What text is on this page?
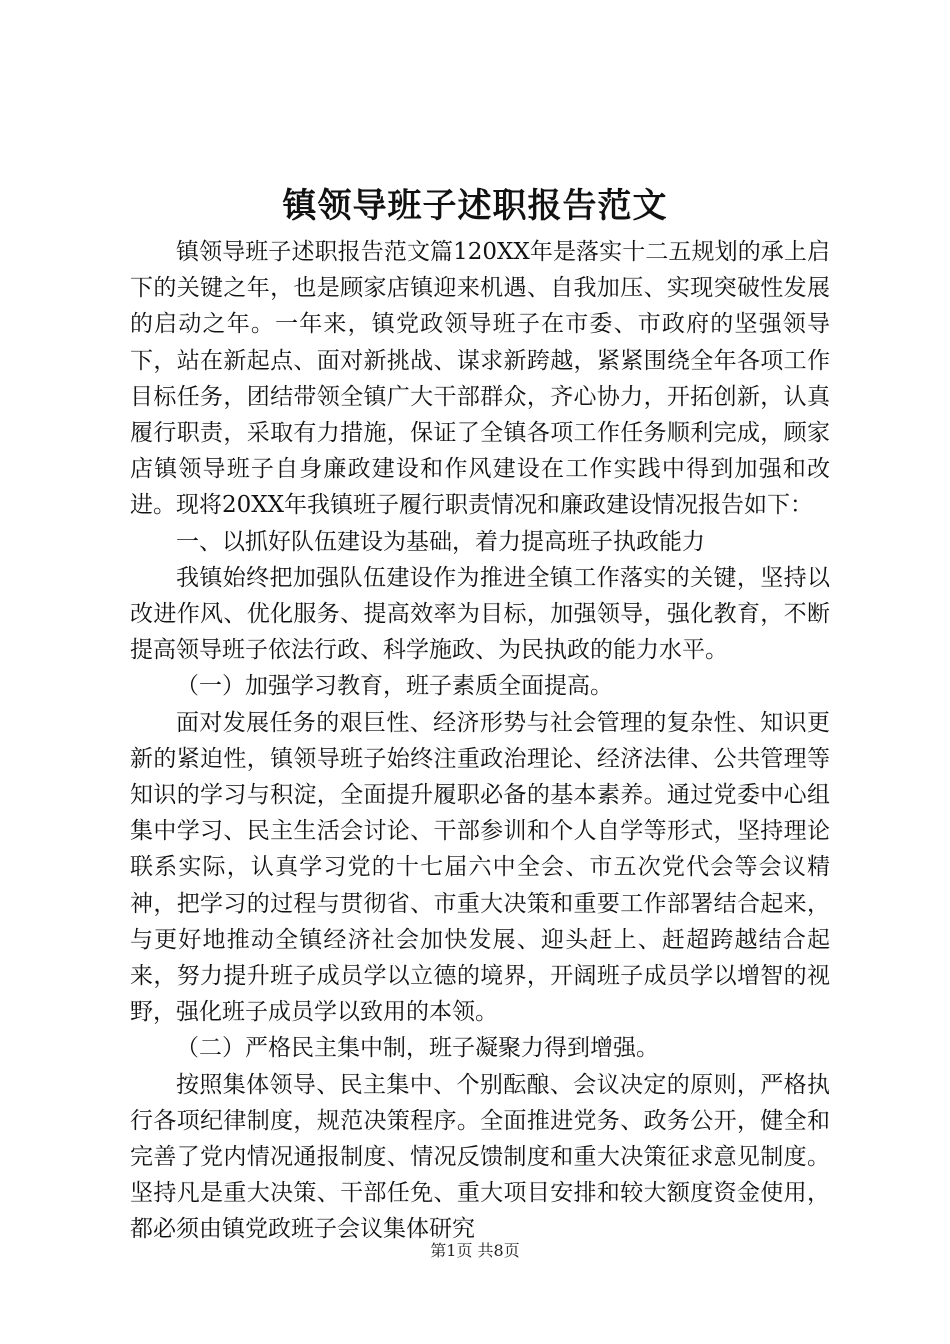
镇领导班子述职报告范文

镇领导班子述职报告范文篇120XX年是落实十二五规划的承上启下的关键之年，也是顾家店镇迎来机遇、自我加压、实现突破性发展的启动之年。一年来，镇党政领导班子在市委、市政府的坚强领导下，站在新起点、面对新挑战、谋求新跨越，紧紧围绕全年各项工作目标任务，团结带领全镇广大干部群众，齐心协力，开拓创新，认真履行职责，采取有力措施，保证了全镇各项工作任务顺利完成，顾家店镇领导班子自身廉政建设和作风建设在工作实践中得到加强和改进。现将20XX年我镇班子履行职责情况和廉政建设情况报告如下：

一、以抓好队伍建设为基础，着力提高班子执政能力

我镇始终把加强队伍建设作为推进全镇工作落实的关键，坚持以改进作风、优化服务、提高效率为目标，加强领导，强化教育，不断提高领导班子依法行政、科学施政、为民执政的能力水平。

（一）加强学习教育，班子素质全面提高。

面对发展任务的艰巨性、经济形势与社会管理的复杂性、知识更新的紧迫性，镇领导班子始终注重政治理论、经济法律、公共管理等知识的学习与积淀，全面提升履职必备的基本素养。通过党委中心组集中学习、民主生活会讨论、干部参训和个人自学等形式，坚持理论联系实际，认真学习党的十七届六中全会、市五次党代会等会议精神，把学习的过程与贯彻省、市重大决策和重要工作部署结合起来，与更好地推动全镇经济社会加快发展、迎头赶上、赶超跨越结合起来，努力提升班子成员学以立德的境界，开阔班子成员学以增智的视野，强化班子成员学以致用的本领。

（二）严格民主集中制，班子凝聚力得到增强。

按照集体领导、民主集中、个别酝酿、会议决定的原则，严格执行各项纪律制度，规范决策程序。全面推进党务、政务公开，健全和完善了党内情况通报制度、情况反馈制度和重大决策征求意见制度。坚持凡是重大决策、干部任免、重大项目安排和较大额度资金使用，都必须由镇党政班子会议集体研究

第1页 共8页
